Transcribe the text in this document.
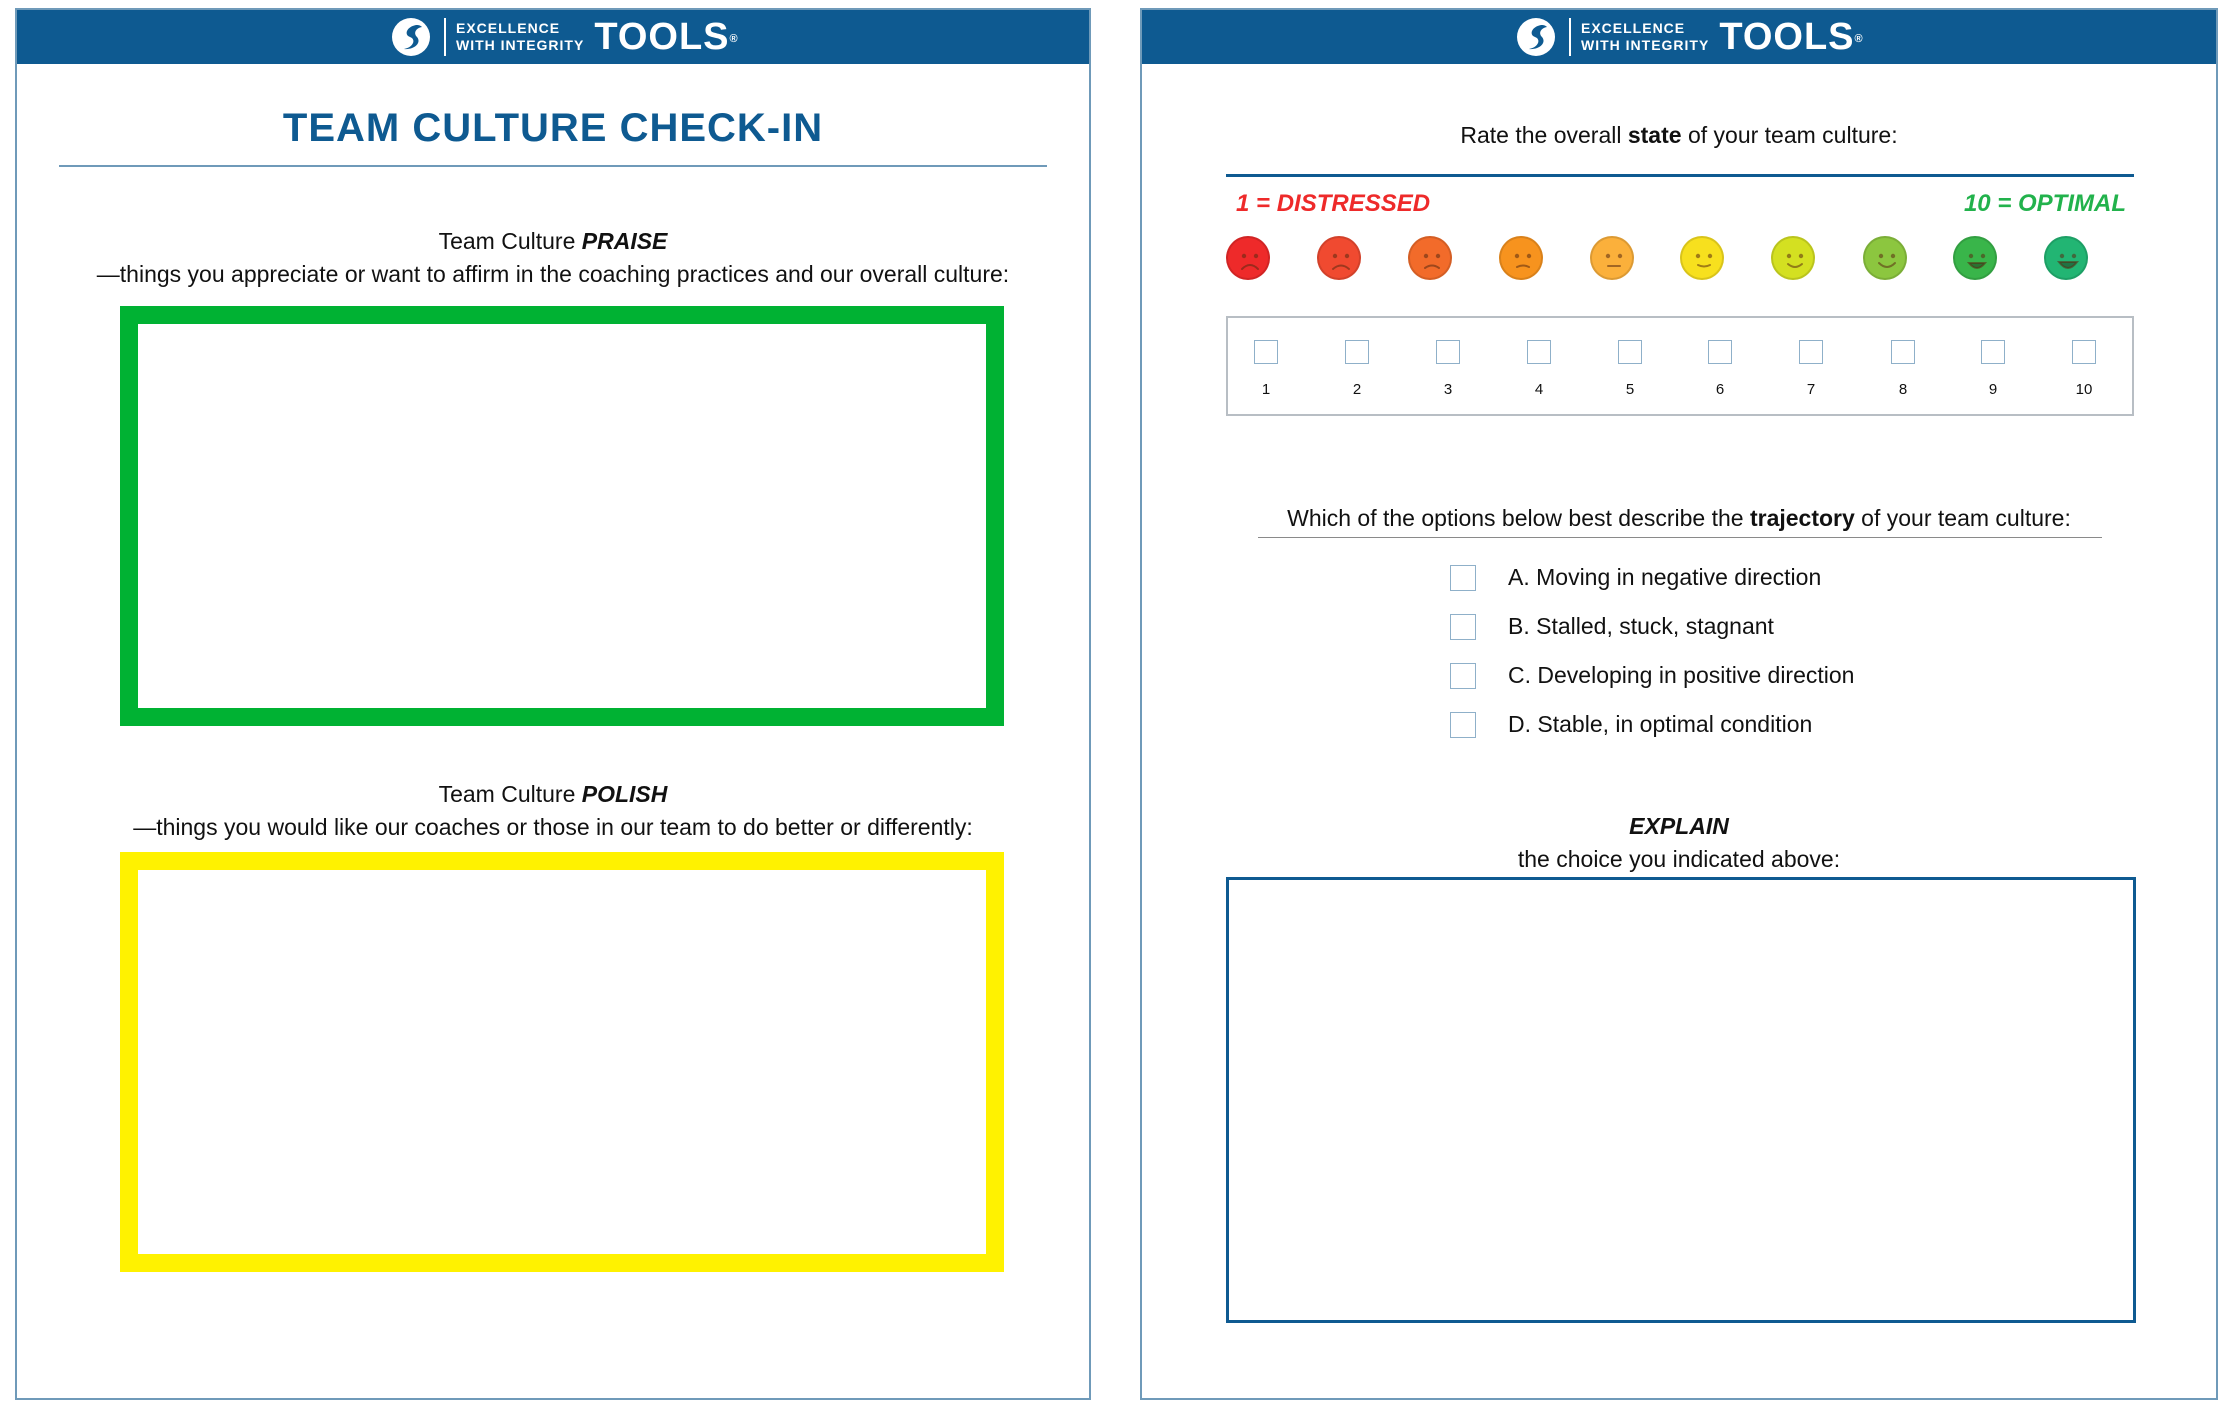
EXCELLENCE
WITH INTEGRITY TOOLS®
TEAM CULTURE CHECK-IN
Team Culture PRAISE
—things you appreciate or want to affirm in the coaching practices and our overall culture:
Team Culture POLISH
—things you would like our coaches or those in our team to do better or differently:
EXCELLENCE
WITH INTEGRITY TOOLS®
Rate the overall state of your team culture:
1 = DISTRESSED	10 = OPTIMAL
1	2	3	4	5	6	7	8	9	10
Which of the options below best describe the trajectory of your team culture:
A. Moving in negative direction
B. Stalled, stuck, stagnant
C. Developing in positive direction
D. Stable, in optimal condition
EXPLAIN
the choice you indicated above:
